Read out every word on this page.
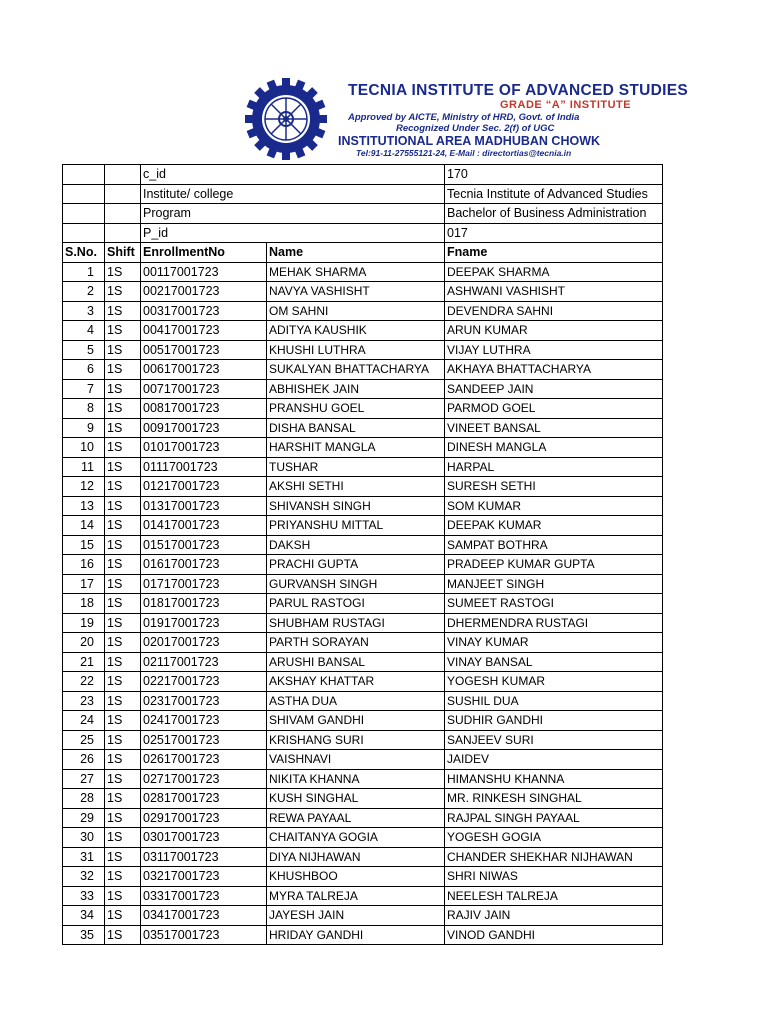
TECNIA INSTITUTE OF ADVANCED STUDIES
GRADE “A” INSTITUTE
Approved by AICTE, Ministry of HRD, Govt. of India
Recognized Under Sec. 2(f) of UGC
INSTITUTIONAL AREA MADHUBAN CHOWK
Tel:91-11-27555121-24, E-Mail : directortias@tecnia.in
		c_id		170
		Institute/ college		Tecnia Institute of Advanced Studies
		Program		Bachelor of Business Administration
		P_id		017
S.No.	Shift	EnrollmentNo	Name	Fname
1	1S	00117001723	MEHAK SHARMA	DEEPAK SHARMA
2	1S	00217001723	NAVYA VASHISHT	ASHWANI VASHISHT
3	1S	00317001723	OM SAHNI	DEVENDRA SAHNI
4	1S	00417001723	ADITYA KAUSHIK	ARUN KUMAR
5	1S	00517001723	KHUSHI LUTHRA	VIJAY LUTHRA
6	1S	00617001723	SUKALYAN BHATTACHARYA	AKHAYA BHATTACHARYA
7	1S	00717001723	ABHISHEK JAIN	SANDEEP JAIN
8	1S	00817001723	PRANSHU GOEL	PARMOD GOEL
9	1S	00917001723	DISHA BANSAL	VINEET BANSAL
10	1S	01017001723	HARSHIT MANGLA	DINESH MANGLA
11	1S	01117001723	TUSHAR	HARPAL
12	1S	01217001723	AKSHI SETHI	SURESH SETHI
13	1S	01317001723	SHIVANSH SINGH	SOM KUMAR
14	1S	01417001723	PRIYANSHU MITTAL	DEEPAK KUMAR
15	1S	01517001723	DAKSH	SAMPAT BOTHRA
16	1S	01617001723	PRACHI GUPTA	PRADEEP KUMAR GUPTA
17	1S	01717001723	GURVANSH SINGH	MANJEET SINGH
18	1S	01817001723	PARUL RASTOGI	SUMEET RASTOGI
19	1S	01917001723	SHUBHAM RUSTAGI	DHERMENDRA RUSTAGI
20	1S	02017001723	PARTH SORAYAN	VINAY KUMAR
21	1S	02117001723	ARUSHI BANSAL	VINAY BANSAL
22	1S	02217001723	AKSHAY KHATTAR	YOGESH KUMAR
23	1S	02317001723	ASTHA DUA	SUSHIL DUA
24	1S	02417001723	SHIVAM GANDHI	SUDHIR GANDHI
25	1S	02517001723	KRISHANG SURI	SANJEEV SURI
26	1S	02617001723	VAISHNAVI	JAIDEV
27	1S	02717001723	NIKITA KHANNA	HIMANSHU KHANNA
28	1S	02817001723	KUSH SINGHAL	MR. RINKESH SINGHAL
29	1S	02917001723	REWA PAYAAL	RAJPAL SINGH PAYAAL
30	1S	03017001723	CHAITANYA GOGIA	YOGESH GOGIA
31	1S	03117001723	DIYA NIJHAWAN	CHANDER SHEKHAR NIJHAWAN
32	1S	03217001723	KHUSHBOO	SHRI NIWAS
33	1S	03317001723	MYRA TALREJA	NEELESH TALREJA
34	1S	03417001723	JAYESH JAIN	RAJIV JAIN
35	1S	03517001723	HRIDAY GANDHI	VINOD GANDHI
